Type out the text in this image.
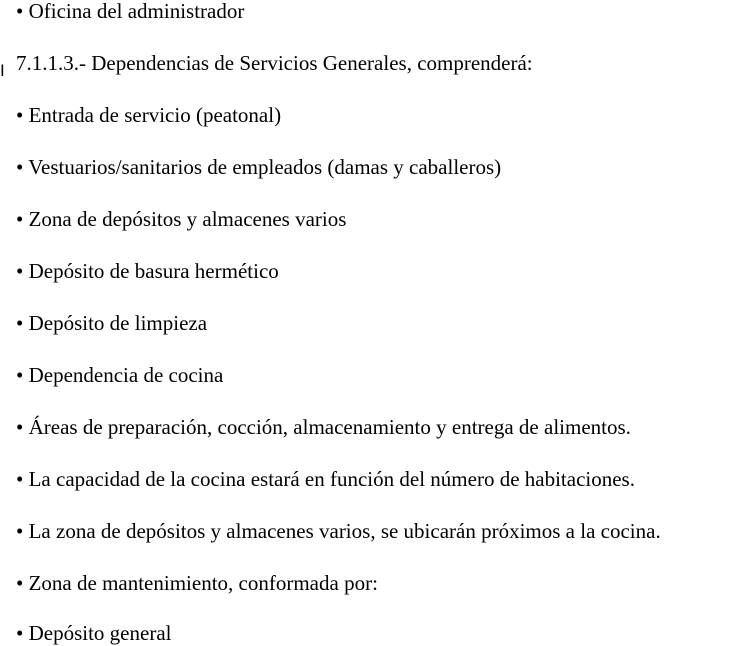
I
• Oficina del administrador
7.1.1.3.- Dependencias de Servicios Generales, comprenderá:
• Entrada de servicio (peatonal)
• Vestuarios/sanitarios de empleados (damas y caballeros)
• Zona de depósitos y almacenes varios
• Depósito de basura hermético
• Depósito de limpieza
• Dependencia de cocina
• Áreas de preparación, cocción, almacenamiento y entrega de alimentos.
• La capacidad de la cocina estará en función del número de habitaciones.
• La zona de depósitos y almacenes varios, se ubicarán próximos a la cocina.
• Zona de mantenimiento, conformada por:
• Depósito general
